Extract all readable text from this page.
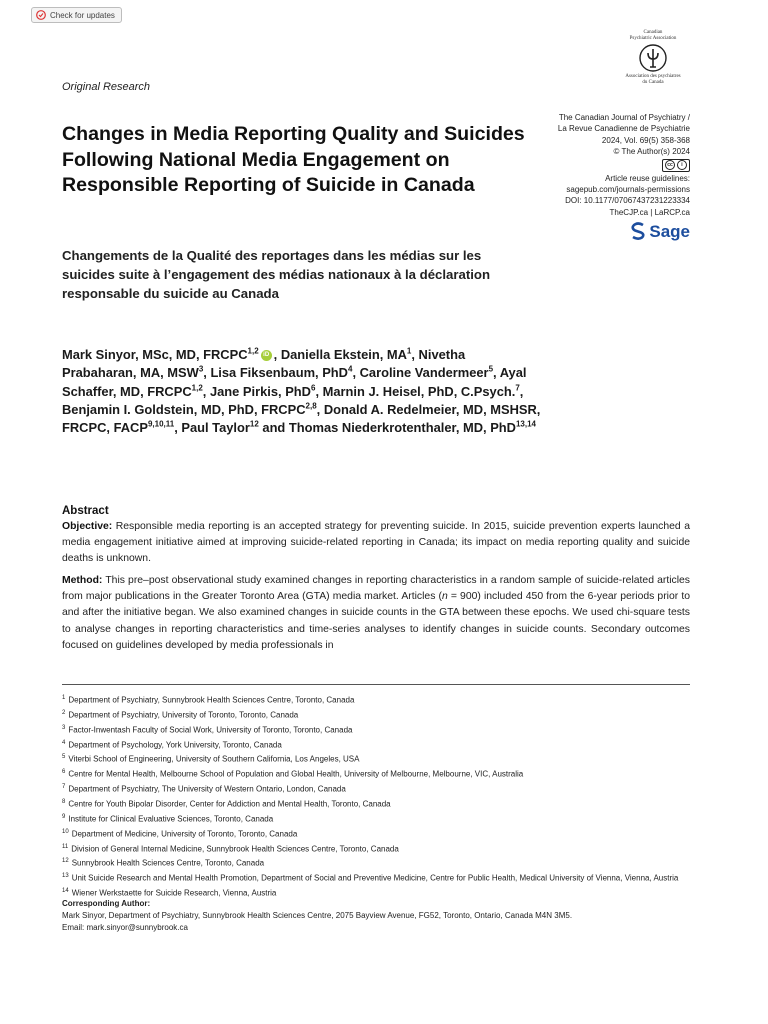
Check for updates
Canadian
Psychiatric Association
Association des psychiatres
du Canada
Original Research
Changes in Media Reporting Quality and Suicides Following National Media Engagement on Responsible Reporting of Suicide in Canada
The Canadian Journal of Psychiatry /
La Revue Canadienne de Psychiatrie
2024, Vol. 69(5) 358-368
© The Author(s) 2024
cc	i
Article reuse guidelines:
sagepub.com/journals-permissions
DOI: 10.1177/07067437231223334
TheCJP.ca | LaRCP.ca
Sage
Changements de la Qualité des reportages dans les médias sur les suicides suite à l’engagement des médias nationaux à la déclaration responsable du suicide au Canada

Mark Sinyor, MSc, MD, FRCPC$^{1,2}$ iD , Daniella Ekstein, $MA^1$, Nivetha Prabaharan, MA, MSW$^3$, Lisa Fiksenbaum, PhD$^4$, Caroline Vandermeer$^5$, Ayal Schaffer, MD, FRCPC$^{1,2}$, Jane Pirkis, PhD$^6$, Marnin J. Heisel, PhD, C.Psych.$^7$, Benjamin I. Goldstein, MD, PhD, FRCPC$^{2,8}$, Donald A. Redelmeier, MD, MSHSR, FRCPC, FACP$^{9,10,11}$, Paul Taylor$^{12}$ and Thomas Niederkrotenthaler, MD, PhD$^{13,14}$

Abstract

Objective: Responsible media reporting is an accepted strategy for preventing suicide. In 2015, suicide prevention experts launched a media engagement initiative aimed at improving suicide-related reporting in Canada; its impact on media reporting quality and suicide deaths is unknown.

Method: This pre–post observational study examined changes in reporting characteristics in a random sample of suicide-related articles from major publications in the Greater Toronto Area (GTA) media market. Articles (n = 900) included 450 from the 6-year periods prior to and after the initiative began. We also examined changes in suicide counts in the GTA between these epochs. We used chi-square tests to analyse changes in reporting characteristics and time-series analyses to identify changes in suicide counts. Secondary outcomes focused on guidelines developed by media professionals in

$^1$ Department of Psychiatry, Sunnybrook Health Sciences Centre, Toronto, Canada
$^2$ Department of Psychiatry, University of Toronto, Toronto, Canada
$^3$ Factor-Inwentash Faculty of Social Work, University of Toronto, Toronto, Canada
$^4$ Department of Psychology, York University, Toronto, Canada
$^5$ Viterbi School of Engineering, University of Southern California, Los Angeles, USA
$^6$ Centre for Mental Health, Melbourne School of Population and Global Health, University of Melbourne, Melbourne, VIC, Australia
$^7$ Department of Psychiatry, The University of Western Ontario, London, Canada
$^8$ Centre for Youth Bipolar Disorder, Center for Addiction and Mental Health, Toronto, Canada
$^9$ Institute for Clinical Evaluative Sciences, Toronto, Canada
$^{10}$ Department of Medicine, University of Toronto, Toronto, Canada
$^{11}$ Division of General Internal Medicine, Sunnybrook Health Sciences Centre, Toronto, Canada
$^{12}$ Sunnybrook Health Sciences Centre, Toronto, Canada
$^{13}$ Unit Suicide Research and Mental Health Promotion, Department of Social and Preventive Medicine, Centre for Public Health, Medical University of Vienna, Vienna, Austria
$^{14}$ Wiener Werkstaette for Suicide Research, Vienna, Austria
Corresponding Author:
Mark Sinyor, Department of Psychiatry, Sunnybrook Health Sciences Centre, 2075 Bayview Avenue, FG52, Toronto, Ontario, Canada M4N 3M5.
Email: mark.sinyor@sunnybrook.ca
